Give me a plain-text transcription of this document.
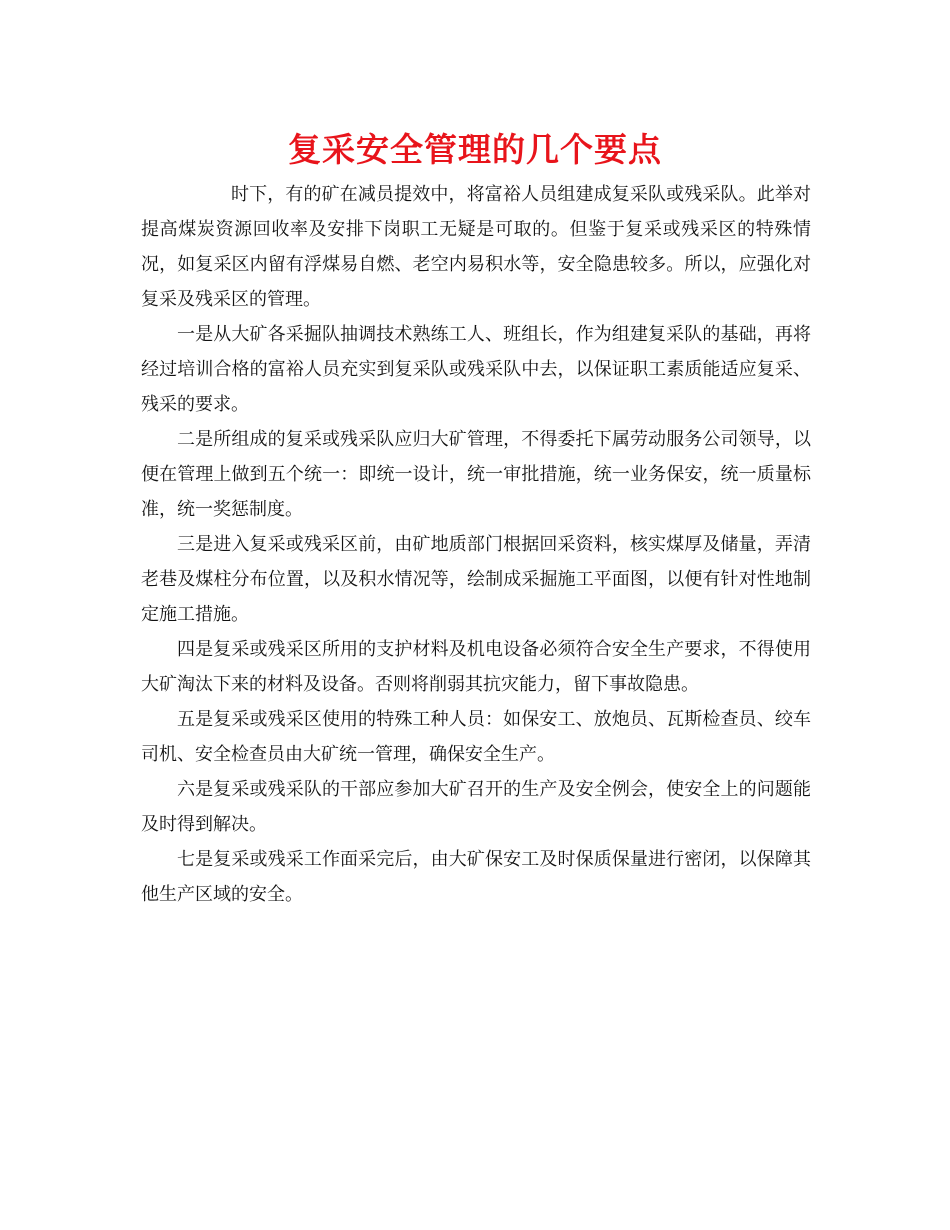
复采安全管理的几个要点

时下，有的矿在减员提效中，将富裕人员组建成复采队或残采队。此举对提高煤炭资源回收率及安排下岗职工无疑是可取的。但鉴于复采或残采区的特殊情况，如复采区内留有浮煤易自燃、老空内易积水等，安全隐患较多。所以，应强化对复采及残采区的管理。

一是从大矿各采掘队抽调技术熟练工人、班组长，作为组建复采队的基础，再将经过培训合格的富裕人员充实到复采队或残采队中去，以保证职工素质能适应复采、残采的要求。

二是所组成的复采或残采队应归大矿管理，不得委托下属劳动服务公司领导，以便在管理上做到五个统一：即统一设计，统一审批措施，统一业务保安，统一质量标准，统一奖惩制度。

三是进入复采或残采区前，由矿地质部门根据回采资料，核实煤厚及储量，弄清老巷及煤柱分布位置，以及积水情况等，绘制成采掘施工平面图，以便有针对性地制定施工措施。

四是复采或残采区所用的支护材料及机电设备必须符合安全生产要求，不得使用大矿淘汰下来的材料及设备。否则将削弱其抗灾能力，留下事故隐患。

五是复采或残采区使用的特殊工种人员：如保安工、放炮员、瓦斯检查员、绞车司机、安全检查员由大矿统一管理，确保安全生产。

六是复采或残采队的干部应参加大矿召开的生产及安全例会，使安全上的问题能及时得到解决。

七是复采或残采工作面采完后，由大矿保安工及时保质保量进行密闭，以保障其他生产区域的安全。
